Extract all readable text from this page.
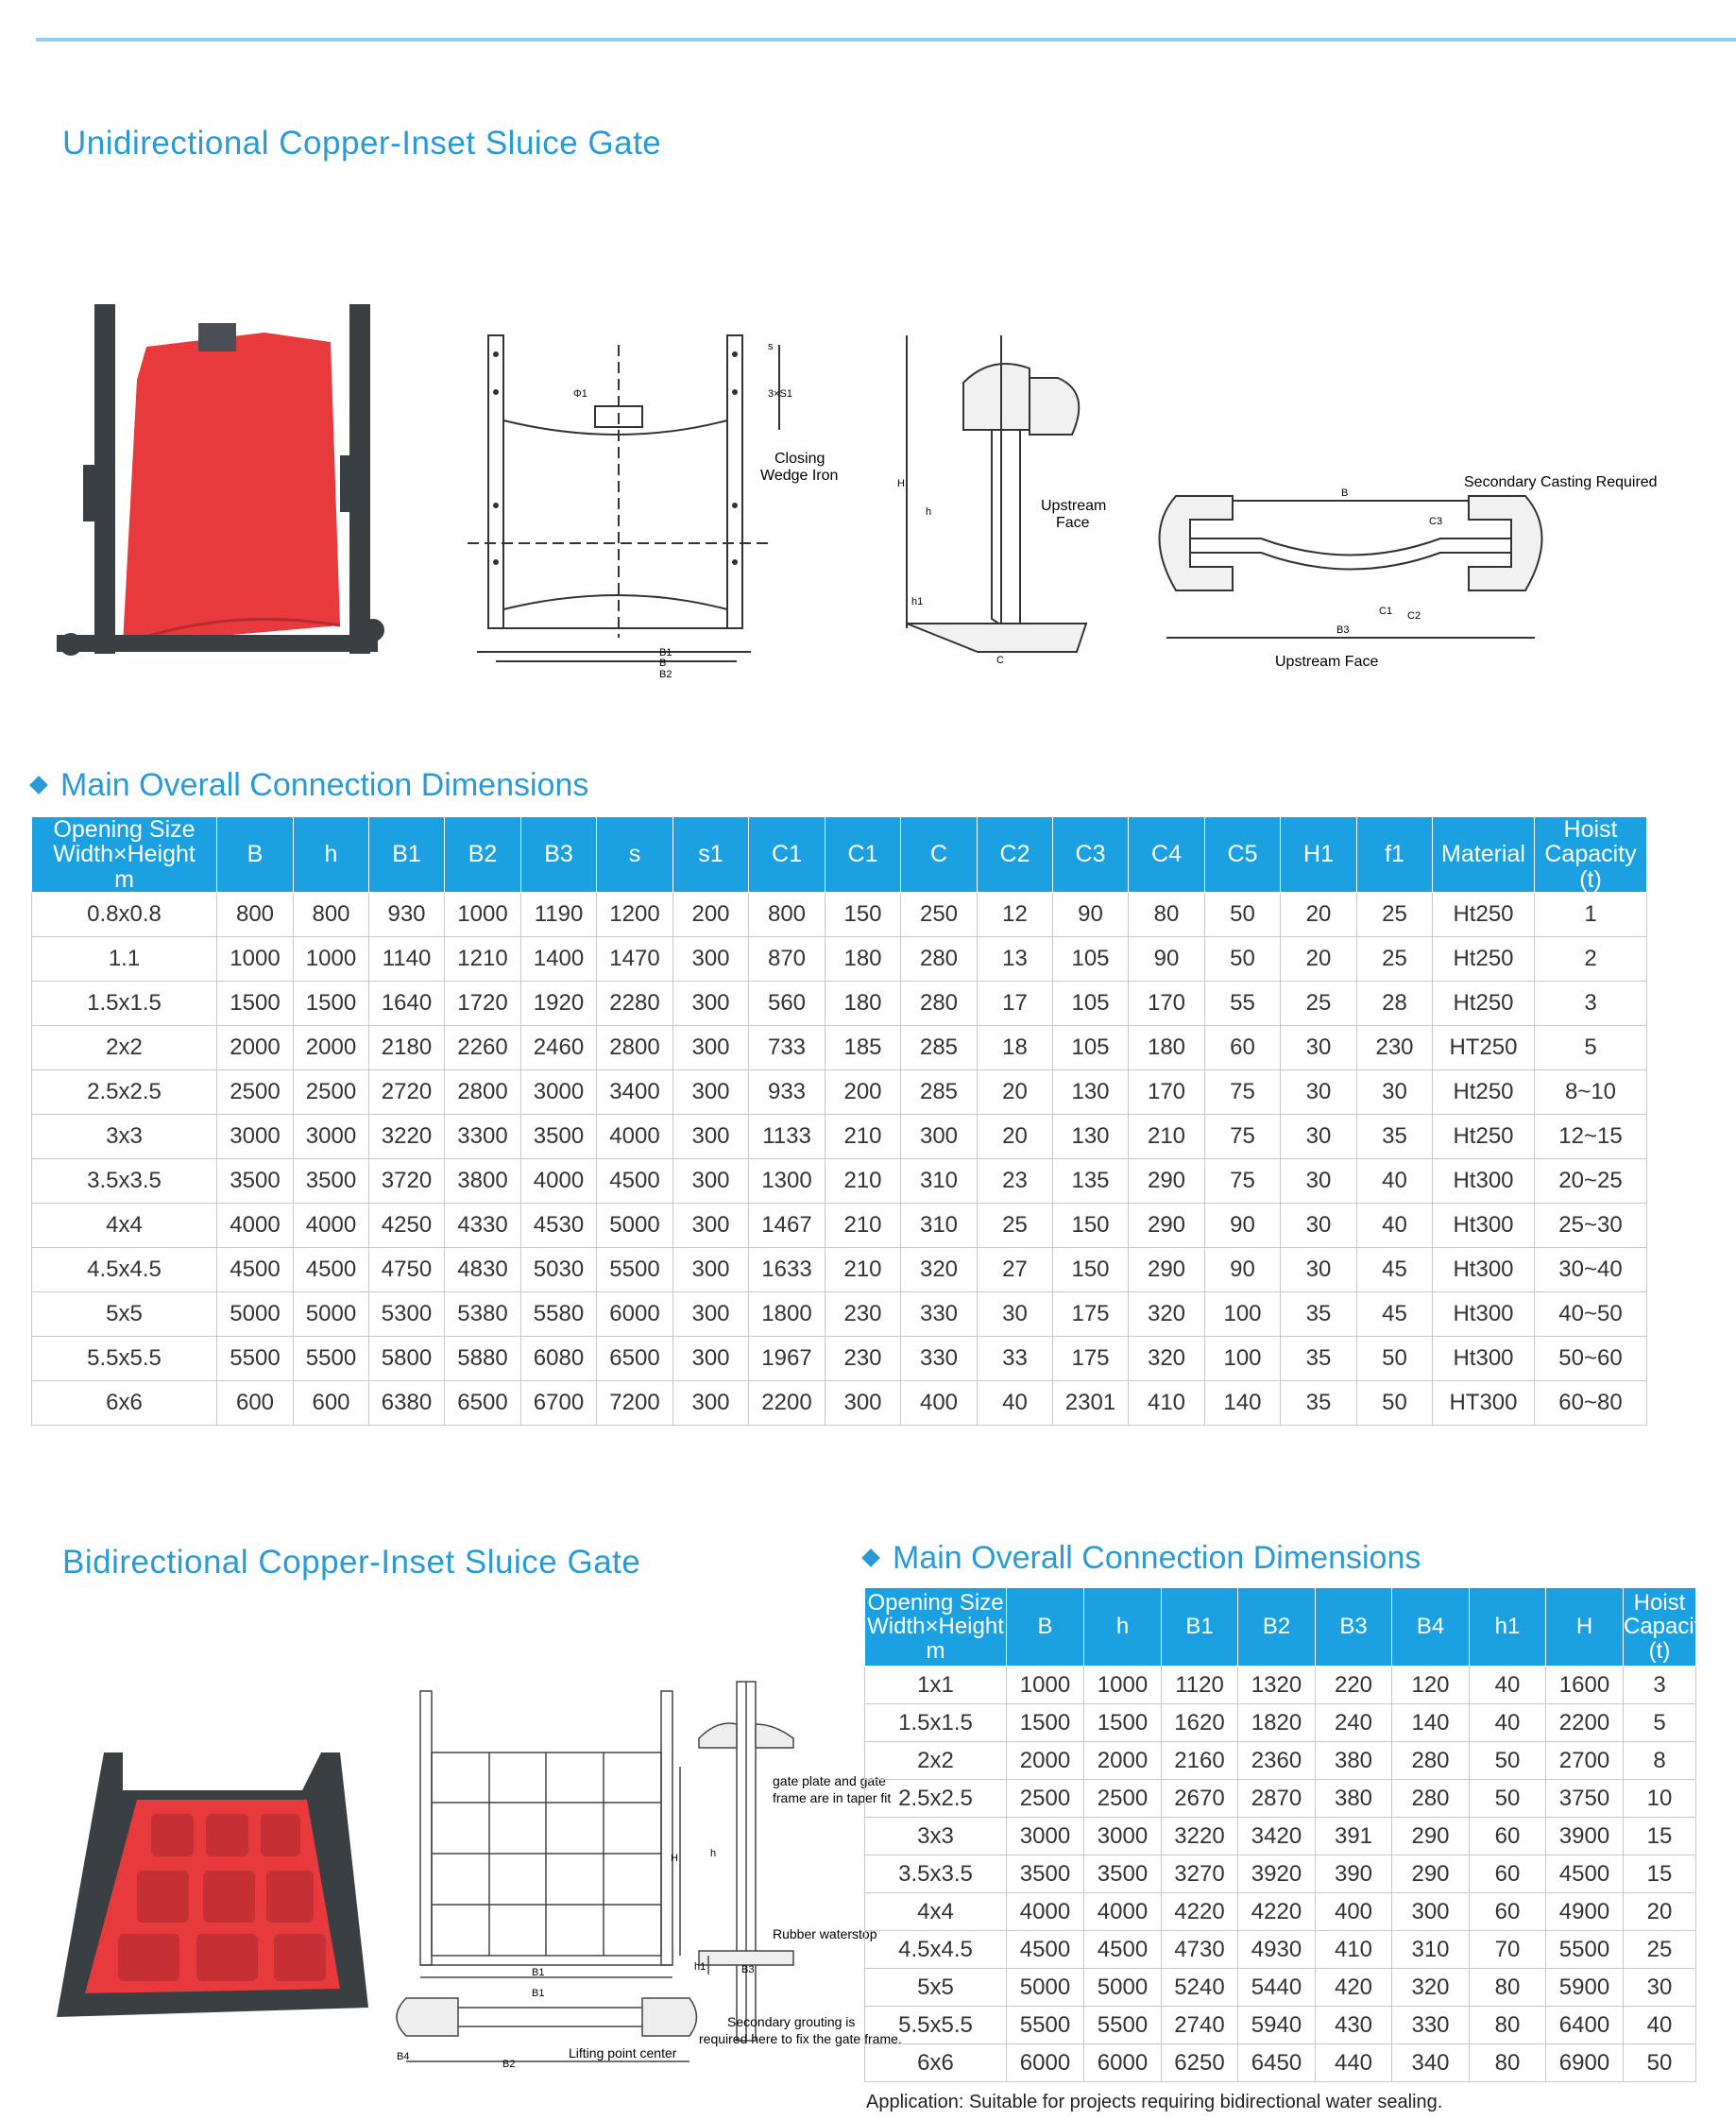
Unidirectional Copper-Inset Sluice Gate
B
B1
B2
Φ1
s
3×S1
Closing
Wedge Iron	H
h
h1
C
Upstream
Face
B
B3
Upstream Face
Secondary Casting Required
C1 C2
C3
Main Overall Connection Dimensions
Opening Size
Width×Height
m	B	h	B1	B2	B3	s	s1	C1	C1	C	C2	C3	C4	C5	H1	f1	Material	Hoist
Capacity
(t)
0.8x0.8	800	800	930	1000	1190	1200	200	800	150	250	12	90	80	50	20	25	Ht250	1
1.1	1000	1000	1140	1210	1400	1470	300	870	180	280	13	105	90	50	20	25	Ht250	2
1.5x1.5	1500	1500	1640	1720	1920	2280	300	560	180	280	17	105	170	55	25	28	Ht250	3
2x2	2000	2000	2180	2260	2460	2800	300	733	185	285	18	105	180	60	30	230	HT250	5
2.5x2.5	2500	2500	2720	2800	3000	3400	300	933	200	285	20	130	170	75	30	30	Ht250	8~10
3x3	3000	3000	3220	3300	3500	4000	300	1133	210	300	20	130	210	75	30	35	Ht250	12~15
3.5x3.5	3500	3500	3720	3800	4000	4500	300	1300	210	310	23	135	290	75	30	40	Ht300	20~25
4x4	4000	4000	4250	4330	4530	5000	300	1467	210	310	25	150	290	90	30	40	Ht300	25~30
4.5x4.5	4500	4500	4750	4830	5030	5500	300	1633	210	320	27	150	290	90	30	45	Ht300	30~40
5x5	5000	5000	5300	5380	5580	6000	300	1800	230	330	30	175	320	100	35	45	Ht300	40~50
5.5x5.5	5500	5500	5800	5880	6080	6500	300	1967	230	330	33	175	320	100	35	50	Ht300	50~60
6x6	600	600	6380	6500	6700	7200	300	2200	300	400	40	2301	410	140	35	50	HT300	60~80
Bidirectional Copper-Inset Sluice Gate	Main Overall Connection Dimensions
B1
B1
B2
B4
H
Lifting point center
gate plate and gate
frame are in taper fit
Rubber waterstop
h
h1	B3
Secondary grouting is
required here to fix the gate frame.
Opening Size
Width×Height
m	B	h	B1	B2	B3	B4	h1	H	Hoist
Capacity
(t)
1x1	1000	1000	1120	1320	220	120	40	1600	3
1.5x1.5	1500	1500	1620	1820	240	140	40	2200	5
2x2	2000	2000	2160	2360	380	280	50	2700	8
2.5x2.5	2500	2500	2670	2870	380	280	50	3750	10
3x3	3000	3000	3220	3420	391	290	60	3900	15
3.5x3.5	3500	3500	3270	3920	390	290	60	4500	15
4x4	4000	4000	4220	4220	400	300	60	4900	20
4.5x4.5	4500	4500	4730	4930	410	310	70	5500	25
5x5	5000	5000	5240	5440	420	320	80	5900	30
5.5x5.5	5500	5500	2740	5940	430	330	80	6400	40
6x6	6000	6000	6250	6450	440	340	80	6900	50
Application: Suitable for projects requiring bidirectional water sealing.
